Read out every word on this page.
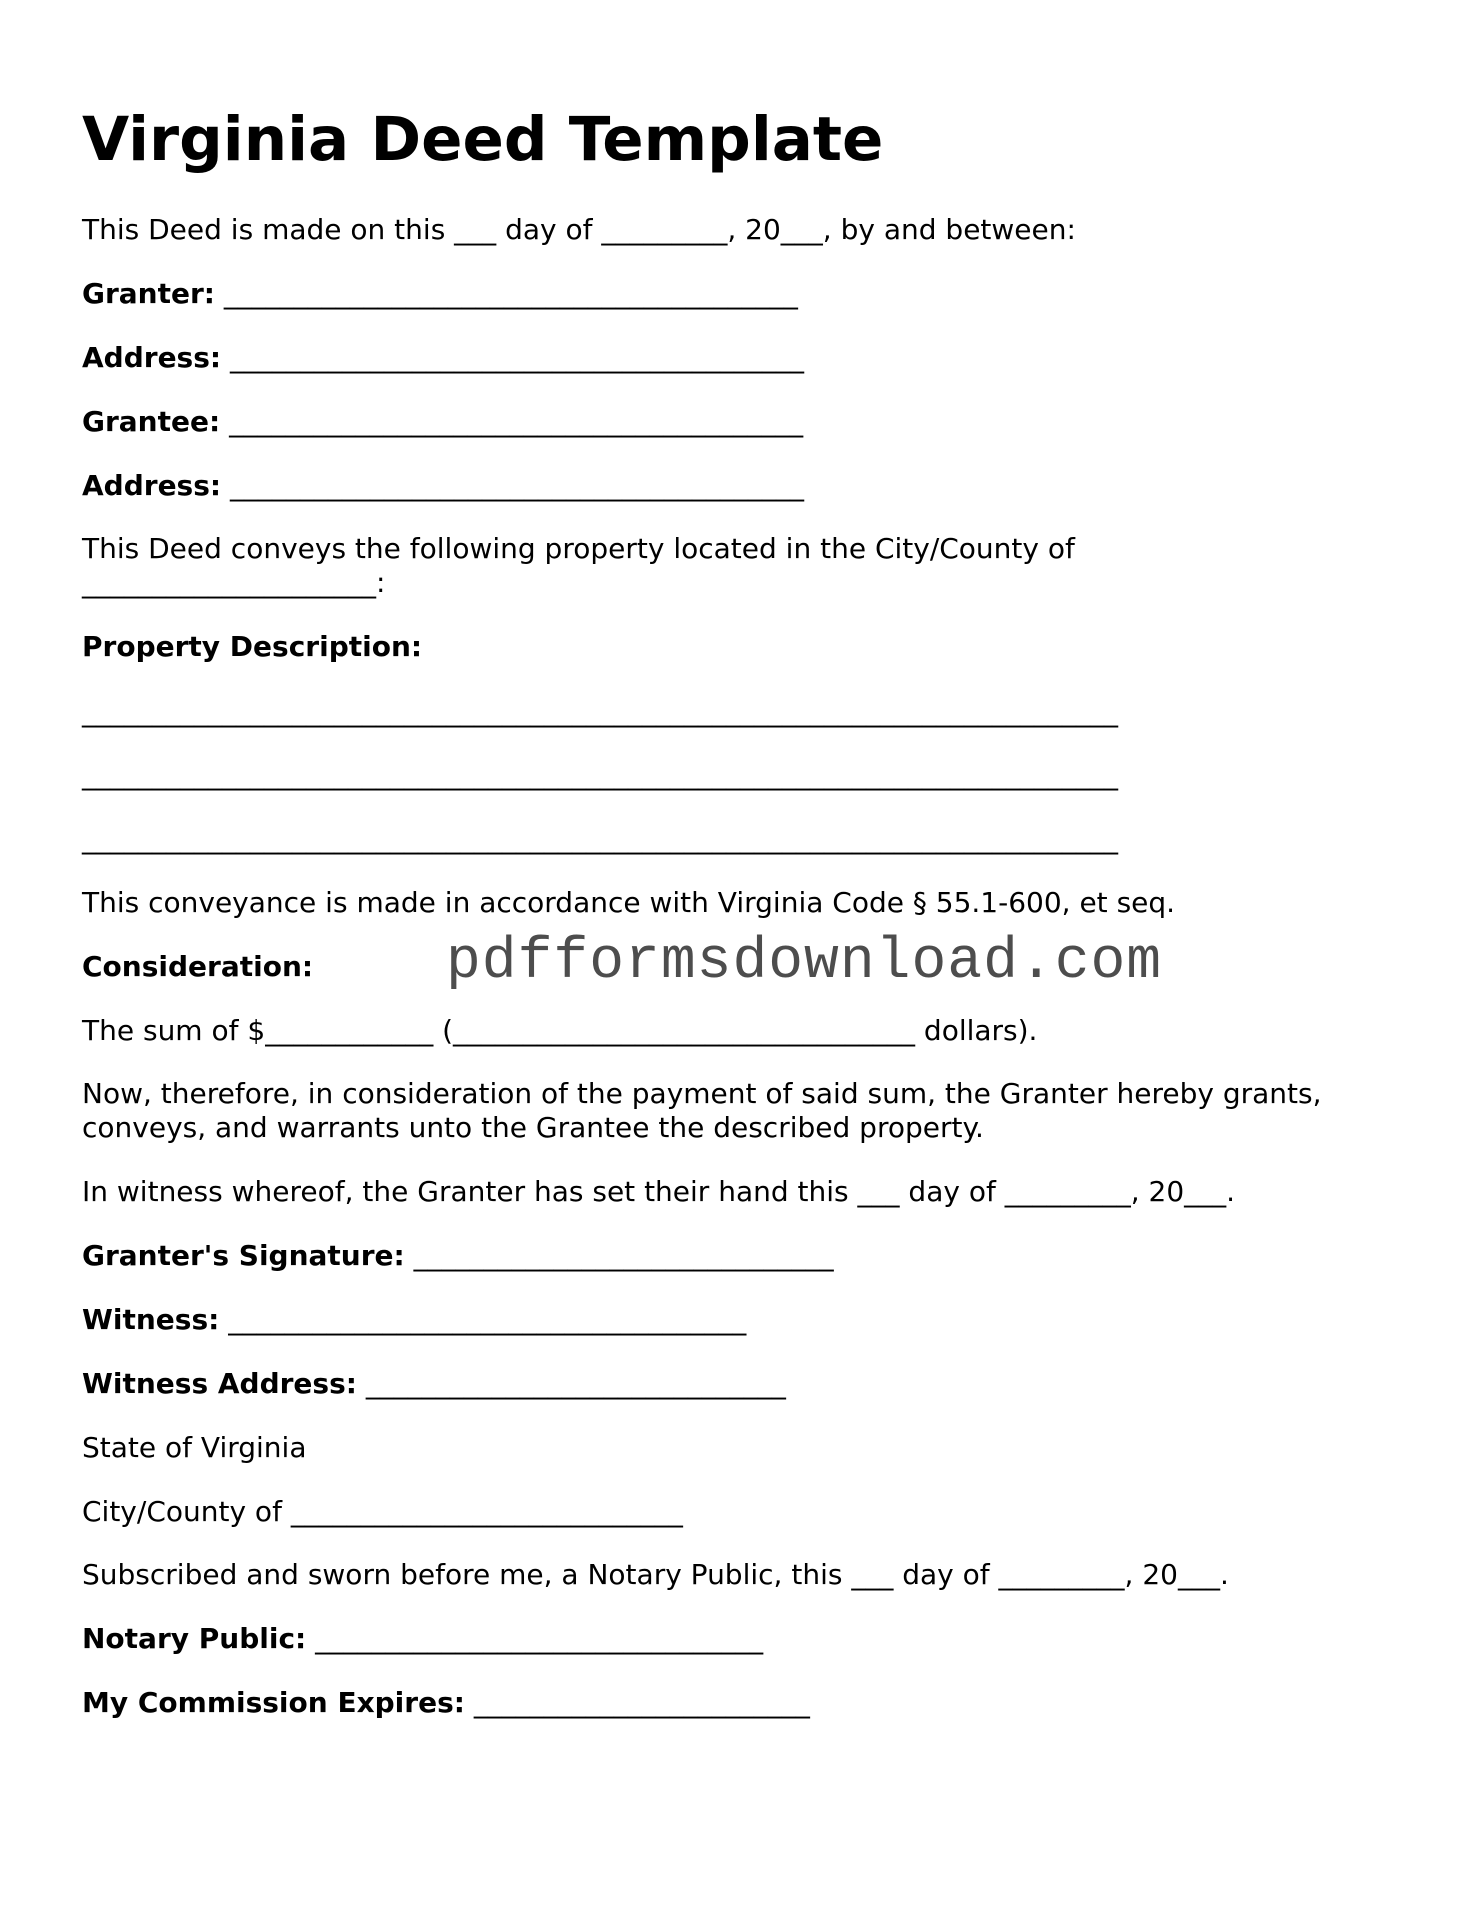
Virginia Deed Template

This Deed is made on this ___ day of _________, 20___, by and between:

Granter: _________________________________________

Address: _________________________________________

Grantee: _________________________________________

Address: _________________________________________

This Deed conveys the following property located in the City/County of

_____________________:

Property Description:

__________________________________________________________________________

__________________________________________________________________________

__________________________________________________________________________

This conveyance is made in accordance with Virginia Code § 55.1-600, et seq.

Consideration: pdfformsdownload.com

The sum of $____________ (_________________________________ dollars).

Now, therefore, in consideration of the payment of said sum, the Granter hereby grants, conveys, and warrants unto the Grantee the described property.

In witness whereof, the Granter has set their hand this ___ day of _________, 20___.

Granter's Signature: ______________________________

Witness: _____________________________________

Witness Address: ______________________________

State of Virginia

City/County of ____________________________

Subscribed and sworn before me, a Notary Public, this ___ day of _________, 20___.

Notary Public: ________________________________

My Commission Expires: ________________________
